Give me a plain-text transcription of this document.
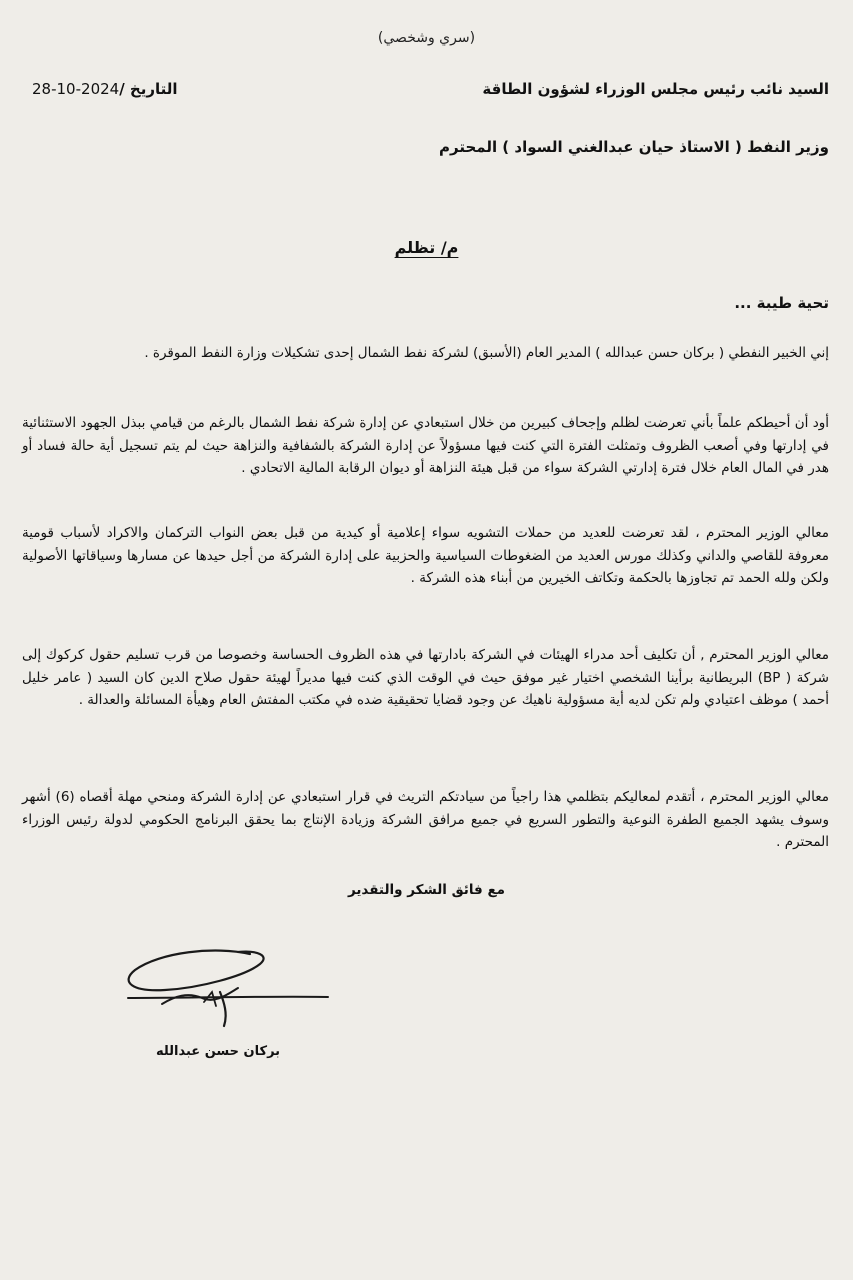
(سري وشخصي)
السيد نائب رئيس مجلس الوزراء لشؤون الطاقة
التاريخ /2024-10-28
وزير النفط ( الاستاذ حيان عبدالغني السواد ) المحترم
م/ تظلم
تحية طيبة ...
إني الخبير النفطي ( بركان حسن عبدالله ) المدير العام (الأسبق) لشركة نفط الشمال إحدى تشكيلات وزارة النفط الموقرة .
أود أن أحيطكم علماً بأني تعرضت لظلم وإجحاف كبيرين من خلال استبعادي عن إدارة شركة نفط الشمال بالرغم من قيامي ببذل الجهود الاستثنائية في إدارتها وفي أصعب الظروف وتمثلت الفترة التي كنت فيها مسؤولاً عن إدارة الشركة بالشفافية والنزاهة حيث لم يتم تسجيل أية حالة فساد أو هدر في المال العام خلال فترة إدارتي الشركة سواء من قبل هيئة النزاهة أو ديوان الرقابة المالية الاتحادي .
معالي الوزير المحترم ، لقد تعرضت للعديد من حملات التشويه سواء إعلامية أو كيدية من قبل بعض النواب التركمان والاكراد لأسباب قومية معروفة للقاصي والداني وكذلك مورس العديد من الضغوطات السياسية والحزبية على إدارة الشركة من أجل حيدها عن مسارها وسياقاتها الأصولية ولكن ولله الحمد تم تجاوزها بالحكمة وتكاتف الخيرين من أبناء هذه الشركة .
معالي الوزير المحترم , أن تكليف أحد مدراء الهيئات في الشركة بادارتها في هذه الظروف الحساسة وخصوصا من قرب تسليم حقول كركوك إلى شركة ( BP) البريطانية برأينا الشخصي اختيار غير موفق حيث في الوقت الذي كنت فيها مديراً لهيئة حقول صلاح الدين كان السيد ( عامر خليل أحمد ) موظف اعتيادي ولم تكن لديه أية مسؤولية ناهيك عن وجود قضايا تحقيقية ضده في مكتب المفتش العام وهيأة المسائلة والعدالة .
معالي الوزير المحترم ، أتقدم لمعاليكم بتظلمي هذا راجياً من سيادتكم التريث في قرار استبعادي عن إدارة الشركة ومنحي مهلة أقصاه (6) أشهر وسوف يشهد الجميع الطفرة النوعية والتطور السريع في جميع مرافق الشركة وزيادة الإنتاج بما يحقق البرنامج الحكومي لدولة رئيس الوزراء المحترم .
مع فائق الشكر والتقدير
بركان حسن عبدالله
